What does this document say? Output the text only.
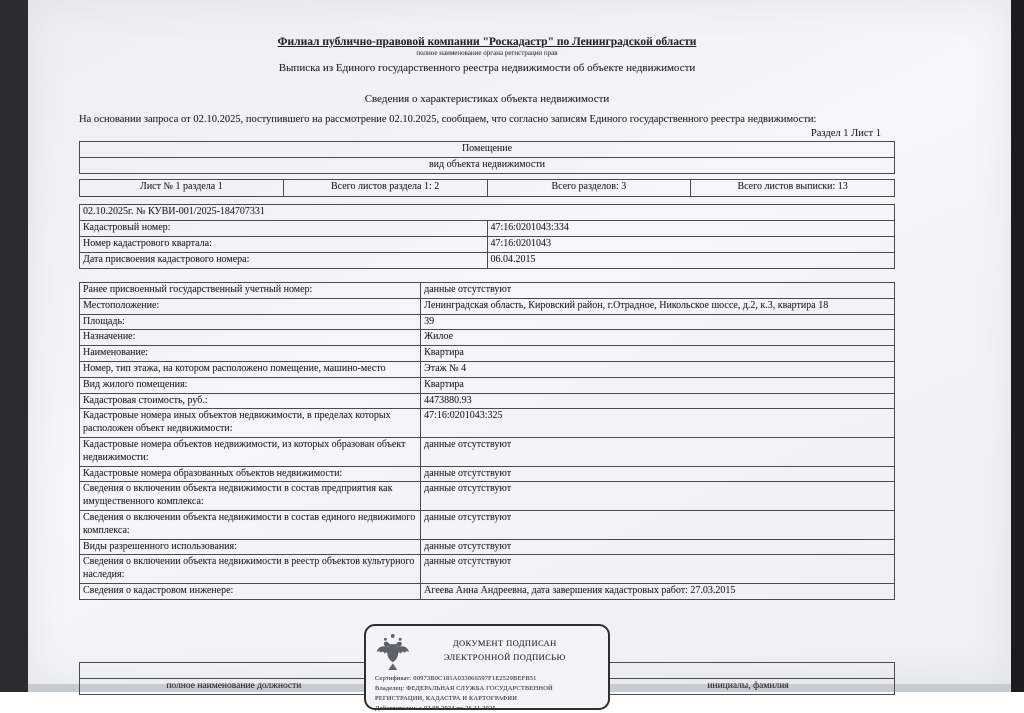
Филиал публично-правовой компании "Роскадастр" по Ленинградской области
полное наименование органа регистрации прав
Выписка из Единого государственного реестра недвижимости об объекте недвижимости
Сведения о характеристиках объекта недвижимости
На основании запроса от 02.10.2025, поступившего на рассмотрение 02.10.2025, сообщаем, что согласно записям Единого государственного реестра недвижимости:
Раздел 1 Лист 1
Помещение
вид объекта недвижимости
Лист № 1 раздела 1	Всего листов раздела 1: 2	Всего разделов: 3	Всего листов выписки: 13
02.10.2025г. № КУВИ-001/2025-184707331	
Кадастровый номер:	47:16:0201043:334
Номер кадастрового квартала:	47:16:0201043
Дата присвоения кадастрового номера:	06.04.2015
Ранее присвоенный государственный учетный номер:	данные отсутствуют
Местоположение:	Ленинградская область, Кировский район, г.Отрадное, Никольское шоссе, д.2, к.3, квартира 18
Площадь:	39
Назначение:	Жилое
Наименование:	Квартира
Номер, тип этажа, на котором расположено помещение, машино-место	Этаж № 4
Вид жилого помещения:	Квартира
Кадастровая стоимость, руб.:	4473880.93
Кадастровые номера иных объектов недвижимости, в пределах которых расположен объект недвижимости:	47:16:0201043:325
Кадастровые номера объектов недвижимости, из которых образован объект недвижимости:	данные отсутствуют
Кадастровые номера образованных объектов недвижимости:	данные отсутствуют
Сведения о включении объекта недвижимости в состав предприятия как имущественного комплекса:	данные отсутствуют
Сведения о включении объекта недвижимости в состав единого недвижимого комплекса:	данные отсутствуют
Виды разрешенного использования:	данные отсутствуют
Сведения о включении объекта недвижимости в реестр объектов культурного наследия:	данные отсутствуют
Сведения о кадастровом инженере:	Агеева Анна Андреевна, дата завершения кадастровых работ: 27.03.2015

полное наименование должности		инициалы, фамилия
ДОКУМЕНТ ПОДПИСАН
ЭЛЕКТРОННОЙ ПОДПИСЬЮ
Сертификат: 00973B0C181A033066597F1E2529BEFB51
Владелец: ФЕДЕРАЛЬНАЯ СЛУЖБА ГОСУДАРСТВЕННОЙ
РЕГИСТРАЦИИ, КАДАСТРА И КАРТОГРАФИИ
Действителен: с 02.08.2024 по 26.11.2025
